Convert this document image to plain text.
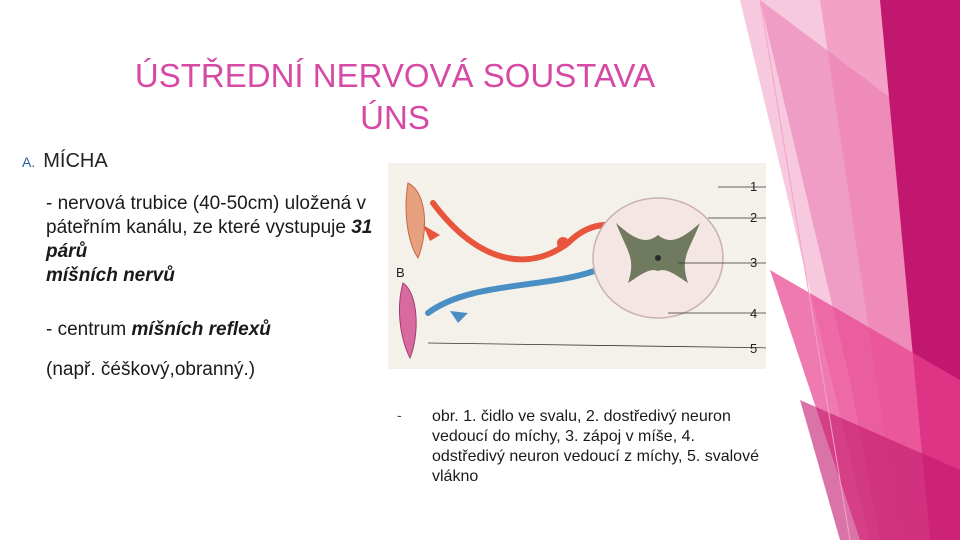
ÚSTŘEDNÍ NERVOVÁ SOUSTAVA
ÚNS
A. MÍCHA
- nervová trubice (40-50cm) uložená v páteřním kanálu, ze které vystupuje 31 párů
míšních nervů
- centrum míšních reflexů
(např. čéškový,obranný.)
1
2
3
4
5
B
- obr. 1. čidlo ve svalu, 2. dostředivý neuron vedoucí do míchy, 3. zápoj v míše, 4. odstředivý neuron vedoucí z míchy, 5. svalové vlákno
